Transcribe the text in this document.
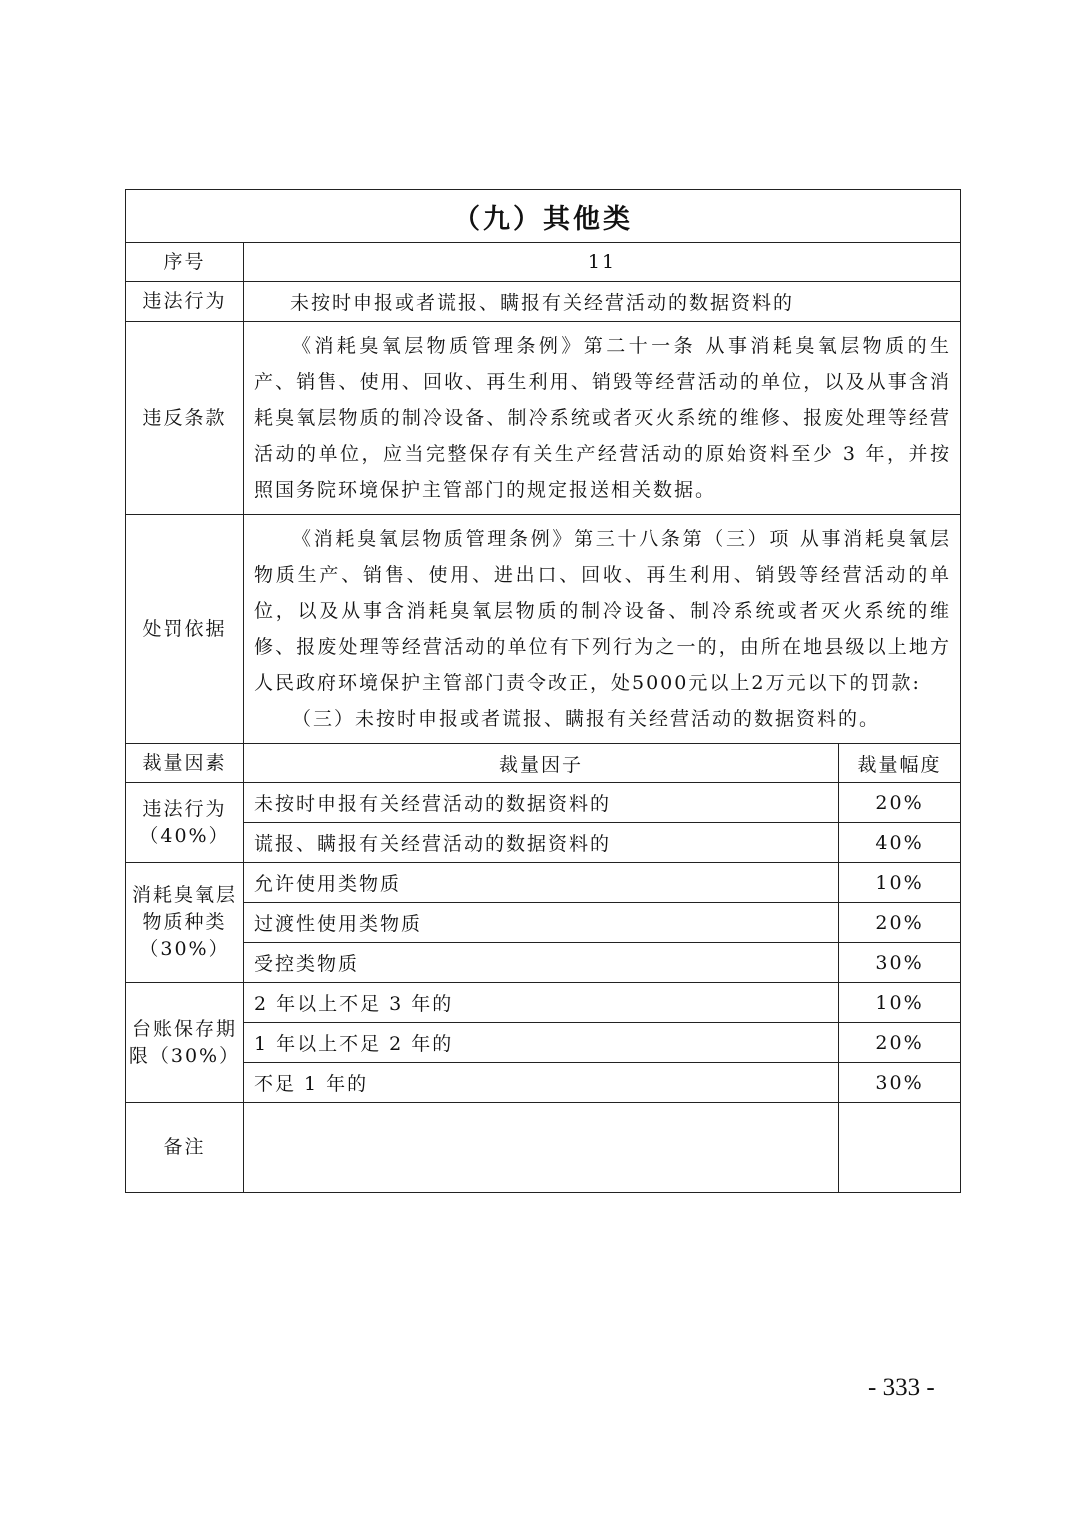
（九）其他类		
序号	11	
违法行为	未按时申报或者谎报、瞒报有关经营活动的数据资料的	
违反条款	《消耗臭氧层物质管理条例》第二十一条 从事消耗臭氧层物质的生产、销售、使用、回收、再生利用、销毁等经营活动的单位，以及从事含消耗臭氧层物质的制冷设备、制冷系统或者灭火系统的维修、报废处理等经营活动的单位，应当完整保存有关生产经营活动的原始资料至少 3 年，并按照国务院环境保护主管部门的规定报送相关数据。	

处罚依据	《消耗臭氧层物质管理条例》第三十八条第（三）项 从事消耗臭氧层物质生产、销售、使用、进出口、回收、再生利用、销毁等经营活动的单位，以及从事含消耗臭氧层物质的制冷设备、制冷系统或者灭火系统的维修、报废处理等经营活动的单位有下列行为之一的，由所在地县级以上地方人民政府环境保护主管部门责令改正，处5000元以上2万元以下的罚款:

（三）未按时申报或者谎报、瞒报有关经营活动的数据资料的。	

裁量因素	裁量因子	裁量幅度
违法行为（40%）	未按时申报有关经营活动的数据资料的	20%
	谎报、瞒报有关经营活动的数据资料的	40%
消耗臭氧层物质种类（30%）	允许使用类物质	10%
	过渡性使用类物质	20%
	受控类物质	30%
台账保存期限（30%）	2 年以上不足 3 年的	10%
	1 年以上不足 2 年的	20%
	不足 1 年的	30%
备注		
- 333 -
